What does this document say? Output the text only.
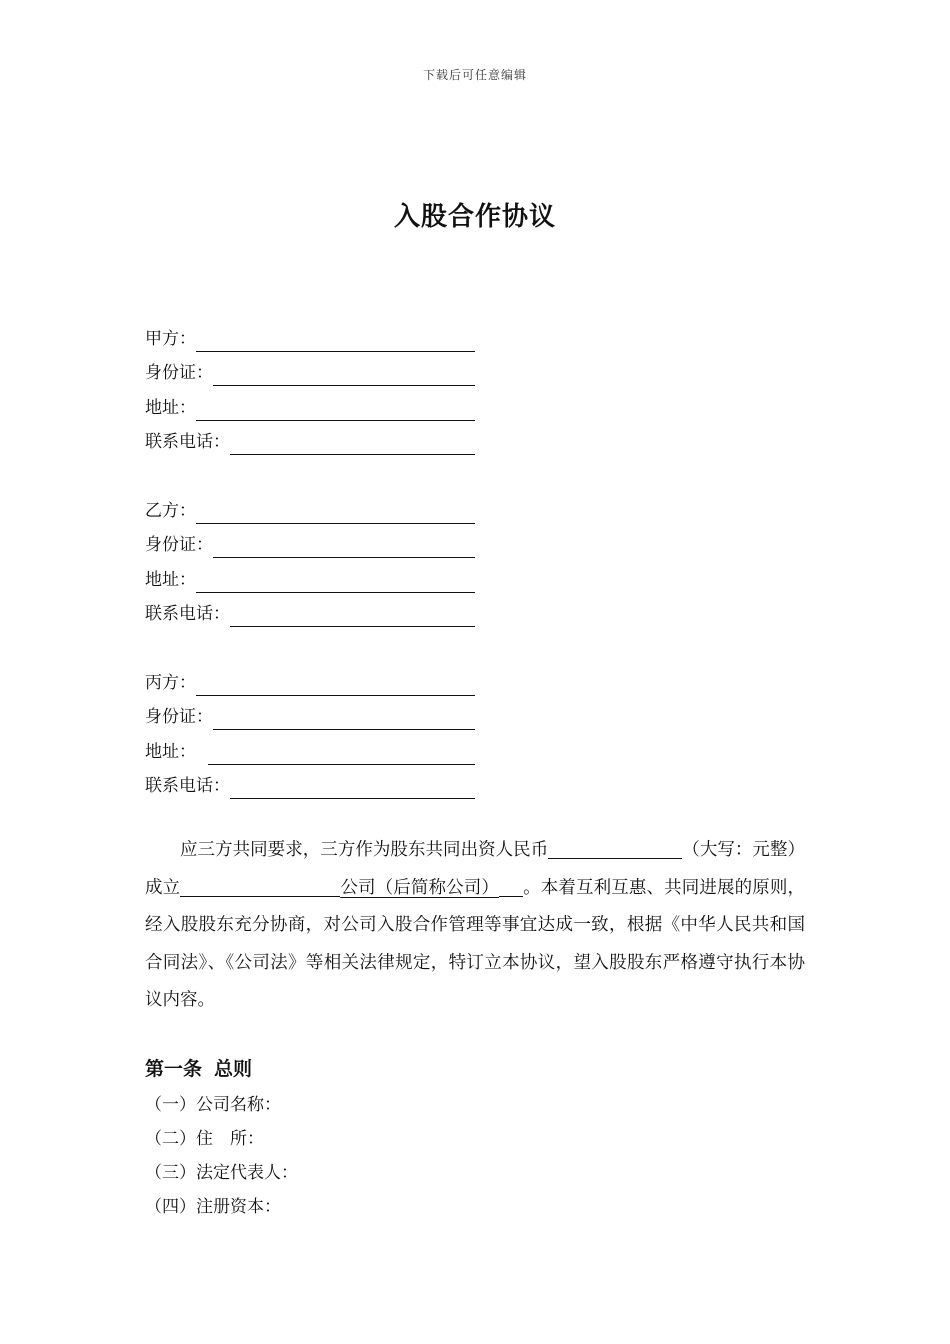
下载后可任意编辑
入股合作协议
甲方：
身份证：
地址：
联系电话：
乙方：
身份证：
地址：
联系电话：
丙方：
身份证：
地址：
联系电话：

应三方共同要求，三方作为股东共同出资人民币	（大写：元整）成立	公司（后简称公司） 。本着互利互惠、共同进展的原则，经入股股东充分协商，对公司入股合作管理等事宜达成一致，根据《中华人民共和国合同法》、《公司法》等相关法律规定，特订立本协议，望入股股东严格遵守执行本协议内容。

第一条 总则
（一）公司名称：
（二）住　所：
（三）法定代表人：
（四）注册资本：
